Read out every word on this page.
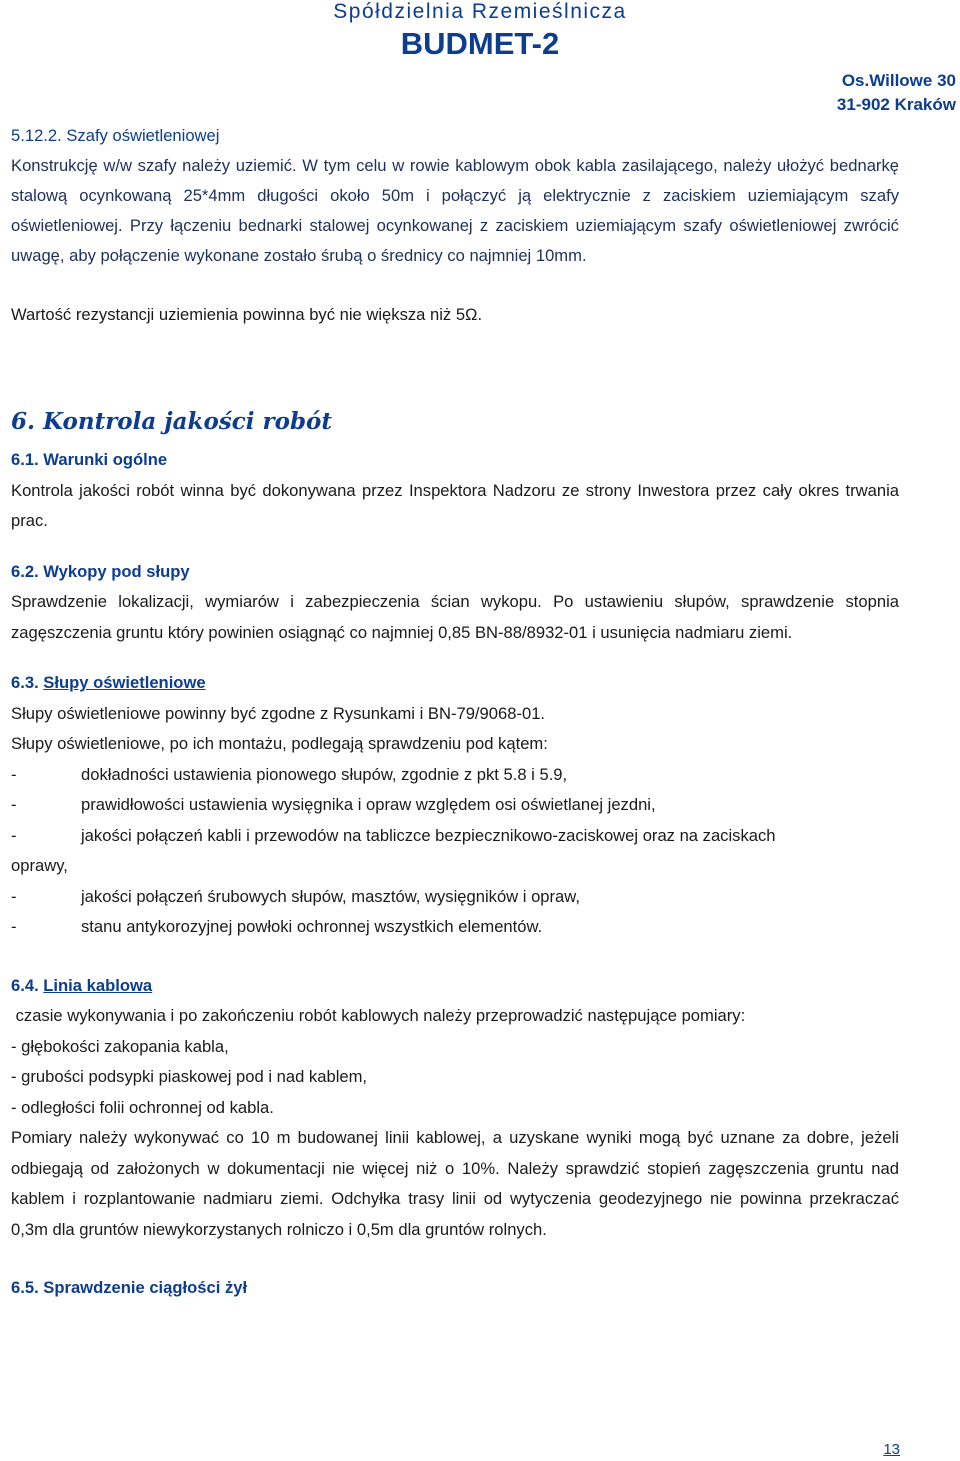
Spółdzielnia Rzemieślnicza
BUDMET-2
Os.Willowe 30
31-902 Kraków

5.12.2. Szafy oświetleniowej

Konstrukcję w/w szafy należy uziemić. W tym celu w rowie kablowym obok kabla zasilającego, należy ułożyć bednarkę stalową ocynkowaną 25*4mm długości około 50m i połączyć ją elektrycznie z zaciskiem uziemiającym szafy oświetleniowej. Przy łączeniu bednarki stalowej ocynkowanej z zaciskiem uziemiającym szafy oświetleniowej zwrócić uwagę, aby połączenie wykonane zostało śrubą o średnicy co najmniej 10mm.

Wartość rezystancji uziemienia powinna być nie większa niż 5Ω.

6. Kontrola jakości robót

6.1. Warunki ogólne

Kontrola jakości robót winna być dokonywana przez Inspektora Nadzoru ze strony Inwestora przez cały okres trwania prac.

6.2. Wykopy pod słupy

Sprawdzenie lokalizacji, wymiarów i zabezpieczenia ścian wykopu. Po ustawieniu słupów, sprawdzenie stopnia zagęszczenia gruntu który powinien osiągnąć co najmniej 0,85 BN-88/8932-01 i usunięcia nadmiaru ziemi.

6.3. Słupy oświetleniowe

Słupy oświetleniowe powinny być zgodne z Rysunkami i BN-79/9068-01.

Słupy oświetleniowe, po ich montażu, podlegają sprawdzeniu pod kątem:

-	dokładności ustawienia pionowego słupów, zgodnie z pkt 5.8 i 5.9,
-	prawidłowości ustawienia wysięgnika i opraw względem osi oświetlanej jezdni,
-	jakości połączeń kabli i przewodów na tabliczce bezpiecznikowo-zaciskowej oraz na zaciskach

oprawy,

-	jakości połączeń śrubowych słupów, masztów, wysięgników i opraw,
-	stanu antykorozyjnej powłoki ochronnej wszystkich elementów.

6.4. Linia kablowa

czasie wykonywania i po zakończeniu robót kablowych należy przeprowadzić następujące pomiary:

- głębokości zakopania kabla,

- grubości podsypki piaskowej pod i nad kablem,

- odległości folii ochronnej od kabla.

Pomiary należy wykonywać co 10 m budowanej linii kablowej, a uzyskane wyniki mogą być uznane za dobre, jeżeli odbiegają od założonych w dokumentacji nie więcej niż o 10%. Należy sprawdzić stopień zagęszczenia gruntu nad kablem i rozplantowanie nadmiaru ziemi. Odchyłka trasy linii od wytyczenia geodezyjnego nie powinna przekraczać 0,3m dla gruntów niewykorzystanych rolniczo i 0,5m dla gruntów rolnych.

6.5. Sprawdzenie ciągłości żył

13
